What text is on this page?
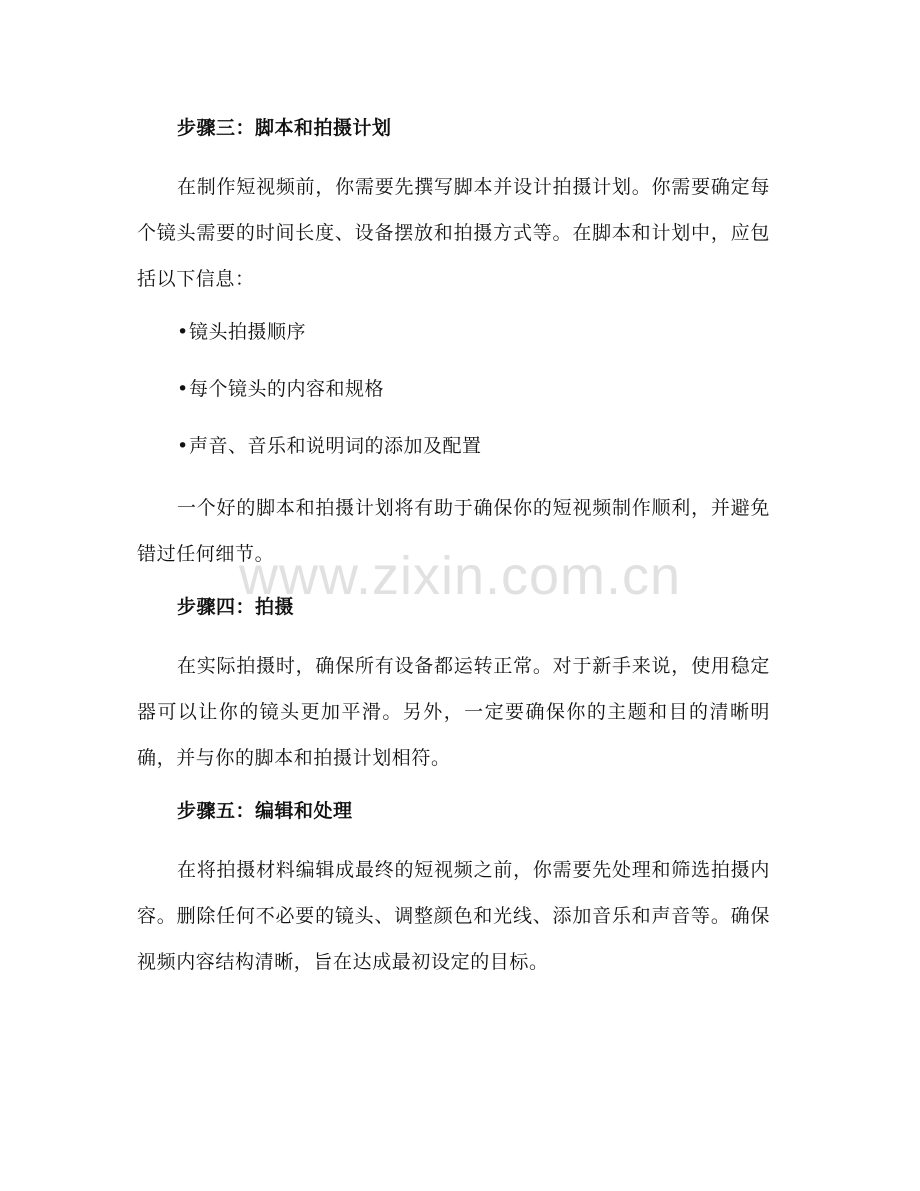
www.zixin.com.cn
步骤三：脚本和拍摄计划

在制作短视频前，你需要先撰写脚本并设计拍摄计划。你需要确定每个镜头需要的时间长度、设备摆放和拍摄方式等。在脚本和计划中，应包括以下信息：

•镜头拍摄顺序
•每个镜头的内容和规格
•声音、音乐和说明词的添加及配置

一个好的脚本和拍摄计划将有助于确保你的短视频制作顺利，并避免错过任何细节。

步骤四：拍摄

在实际拍摄时，确保所有设备都运转正常。对于新手来说，使用稳定器可以让你的镜头更加平滑。另外，一定要确保你的主题和目的清晰明确，并与你的脚本和拍摄计划相符。

步骤五：编辑和处理

在将拍摄材料编辑成最终的短视频之前，你需要先处理和筛选拍摄内容。删除任何不必要的镜头、调整颜色和光线、添加音乐和声音等。确保视频内容结构清晰，旨在达成最初设定的目标。
